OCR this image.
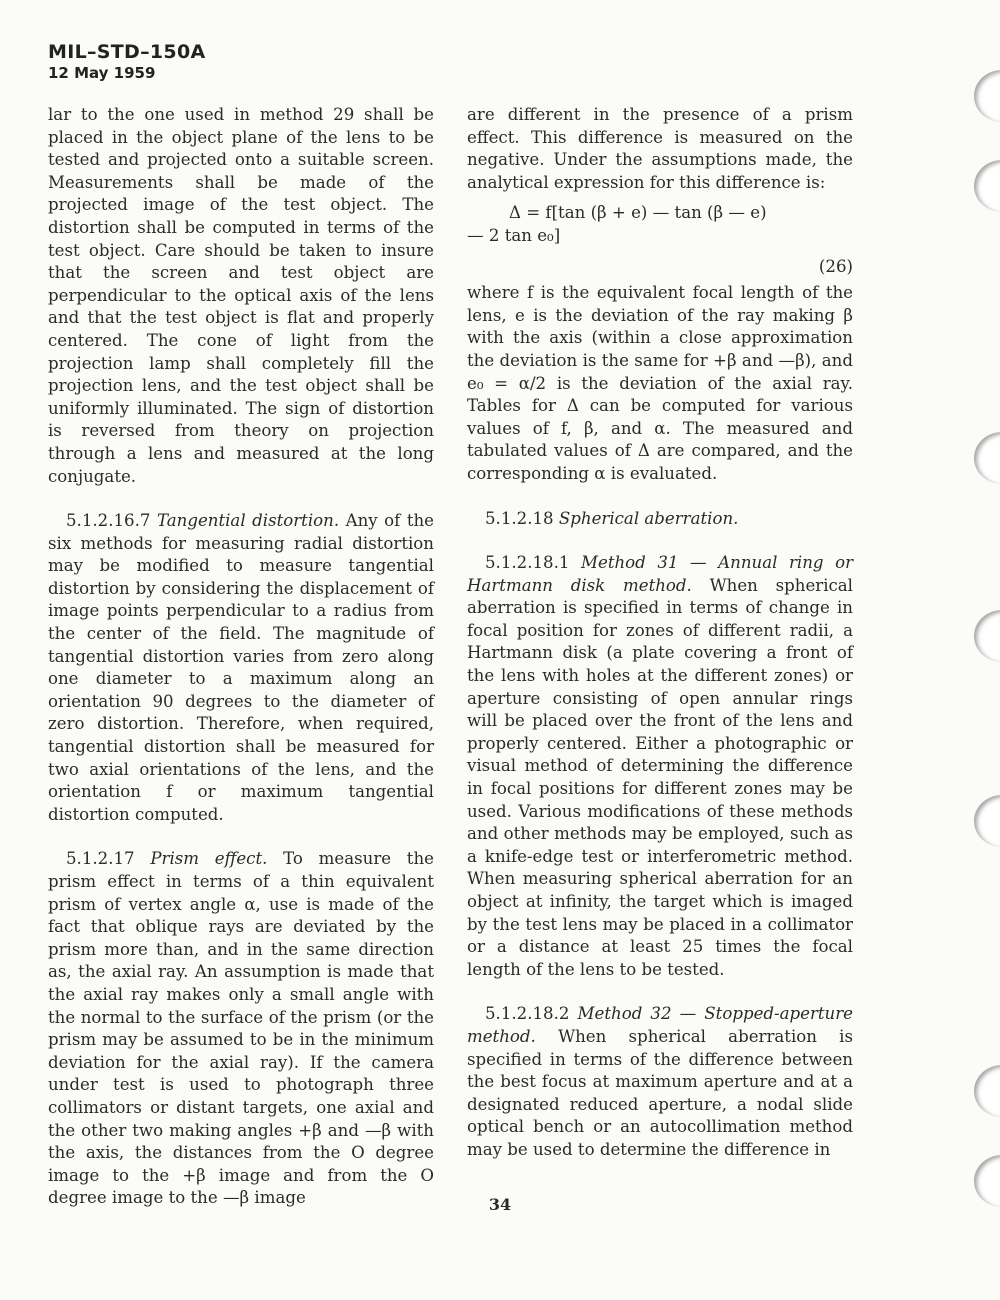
MIL–STD–150A
12 May 1959

lar to the one used in method 29 shall be placed in the object plane of the lens to be tested and projected onto a suitable screen. Measurements shall be made of the projected image of the test object. The distortion shall be computed in terms of the test object. Care should be taken to insure that the screen and test object are perpendicular to the optical axis of the lens and that the test object is flat and properly centered. The cone of light from the projection lamp shall completely fill the projection lens, and the test object shall be uniformly illuminated. The sign of distortion is reversed from theory on projection through a lens and measured at the long conjugate.

5.1.2.16.7 Tangential distortion. Any of the six methods for measuring radial distortion may be modified to measure tangential distortion by considering the displacement of image points perpendicular to a radius from the center of the field. The magnitude of tangential distortion varies from zero along one diameter to a maximum along an orientation 90 degrees to the diameter of zero distortion. Therefore, when required, tangential distortion shall be measured for two axial orientations of the lens, and the orientation f or maximum tangential distortion computed.

5.1.2.17 Prism effect. To measure the prism effect in terms of a thin equivalent prism of vertex angle α, use is made of the fact that oblique rays are deviated by the prism more than, and in the same direction as, the axial ray. An assumption is made that the axial ray makes only a small angle with the normal to the surface of the prism (or the prism may be assumed to be in the minimum deviation for the axial ray). If the camera under test is used to photograph three collimators or distant targets, one axial and the other two making angles +β and —β with the axis, the distances from the O degree image to the +β image and from the O degree image to the —β image

are different in the presence of a prism effect. This difference is measured on the negative. Under the assumptions made, the analytical expression for this difference is:

Δ = f[tan (β + e) — tan (β — e)
— 2 tan e₀]
(26)

where f is the equivalent focal length of the lens, e is the deviation of the ray making β with the axis (within a close approximation the deviation is the same for +β and —β), and e₀ = α/2 is the deviation of the axial ray. Tables for Δ can be computed for various values of f, β, and α. The measured and tabulated values of Δ are compared, and the corresponding α is evaluated.

5.1.2.18 Spherical aberration.

5.1.2.18.1 Method 31 — Annual ring or Hartmann disk method. When spherical aberration is specified in terms of change in focal position for zones of different radii, a Hartmann disk (a plate covering a front of the lens with holes at the different zones) or aperture consisting of open annular rings will be placed over the front of the lens and properly centered. Either a photographic or visual method of determining the difference in focal positions for different zones may be used. Various modifications of these methods and other methods may be employed, such as a knife-edge test or interferometric method. When measuring spherical aberration for an object at infinity, the target which is imaged by the test lens may be placed in a collimator or a distance at least 25 times the focal length of the lens to be tested.

5.1.2.18.2 Method 32 — Stopped-aperture method. When spherical aberration is specified in terms of the difference between the best focus at maximum aperture and at a designated reduced aperture, a nodal slide optical bench or an autocollimation method may be used to determine the difference in

34
